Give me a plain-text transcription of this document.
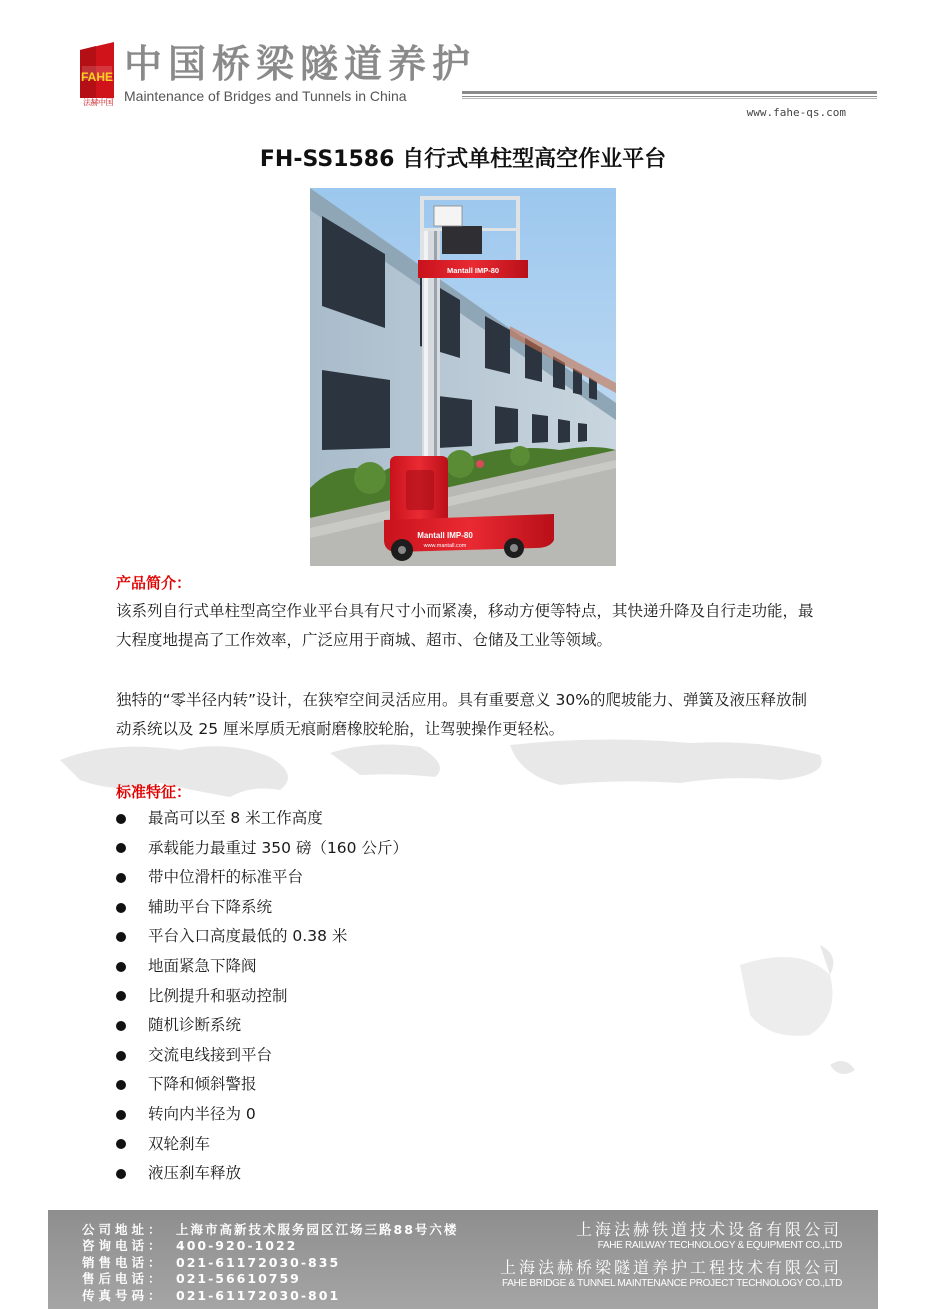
FAHE
法赫中国
中国桥梁隧道养护
Maintenance of Bridges and Tunnels in China
www.fahe-qs.com
FH-SS1586 自行式单柱型高空作业平台
Mantall IMP-80
Mantall IMP-80
www.mantall.com
产品简介：

该系列自行式单柱型高空作业平台具有尺寸小而紧凑，移动方便等特点，其快递升降及自行走功能，最大程度地提高了工作效率，广泛应用于商城、超市、仓储及工业等领域。

独特的“零半径内转”设计，在狭窄空间灵活应用。具有重要意义 30%的爬坡能力、弹簧及液压释放制动系统以及 25 厘米厚质无痕耐磨橡胶轮胎，让驾驶操作更轻松。

标准特征：
最高可以至 8 米工作高度
承载能力最重过 350 磅（160 公斤）
带中位滑杆的标准平台
辅助平台下降系统
平台入口高度最低的 0.38 米
地面紧急下降阀
比例提升和驱动控制
随机诊断系统
交流电线接到平台
下降和倾斜警报
转向内半径为 0
双轮刹车
液压刹车释放
公司地址： 上海市高新技术服务园区江场三路88号六楼
咨询电话： 400-920-1022
销售电话： 021-61172030-835
售后电话： 021-56610759
传真号码： 021-61172030-801
上海法赫铁道技术设备有限公司
FAHE RAILWAY TECHNOLOGY & EQUIPMENT CO.,LTD
上海法赫桥梁隧道养护工程技术有限公司
FAHE BRIDGE & TUNNEL MAINTENANCE PROJECT TECHNOLOGY CO.,LTD
